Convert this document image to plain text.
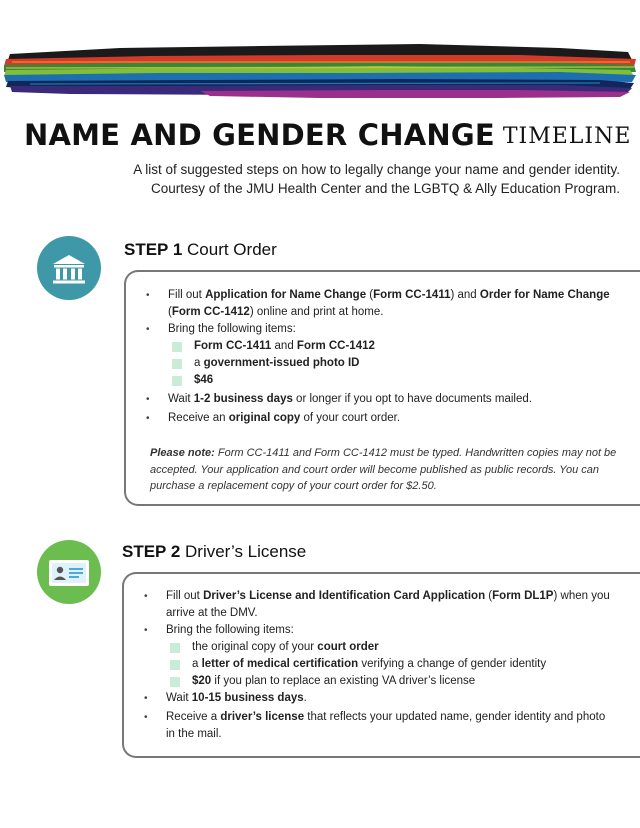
NAME AND GENDER CHANGE TIMELINE
A list of suggested steps on how to legally change your name and gender identity.
Courtesy of the JMU Health Center and the LGBTQ & Ally Education Program.
STEP 1 Court Order
• Fill out Application for Name Change (Form CC-1411) and Order for Name Change (Form CC-1412) online and print at home.
• Bring the following items:
Form CC-1411 and Form CC-1412
a government-issued photo ID
$46
• Wait 1-2 business days or longer if you opt to have documents mailed.
• Receive an original copy of your court order.

Please note: Form CC-1411 and Form CC-1412 must be typed. Handwritten copies may not be accepted. Your application and court order will become published as public records. You can purchase a replacement copy of your court order for $2.50.

STEP 2 Driver’s License
• Fill out Driver’s License and Identification Card Application (Form DL1P) when you arrive at the DMV.
• Bring the following items:
the original copy of your court order
a letter of medical certification verifying a change of gender identity
$20 if you plan to replace an existing VA driver’s license
• Wait 10-15 business days.
• Receive a driver’s license that reflects your updated name, gender identity and photo in the mail.
